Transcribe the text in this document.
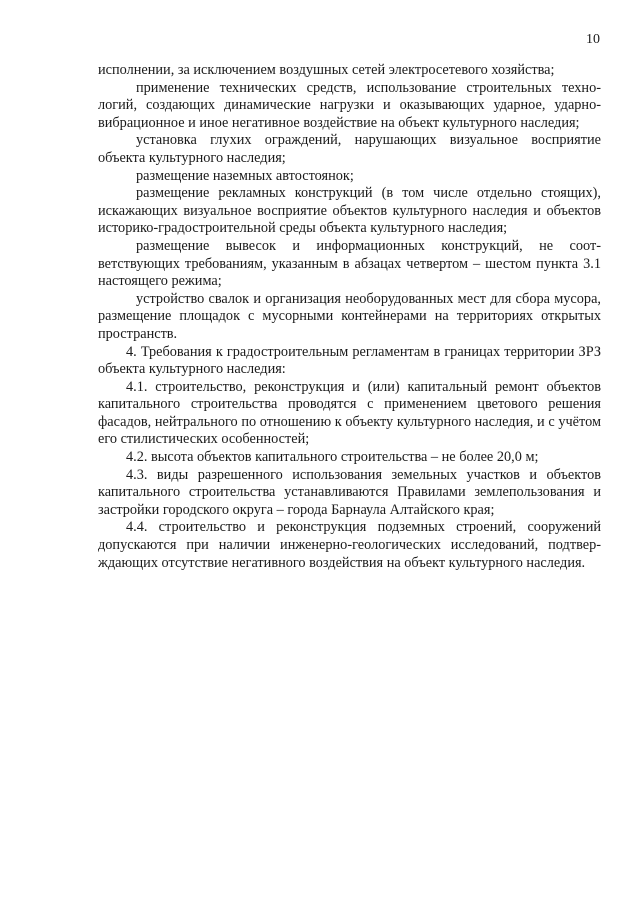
10

исполнении, за исключением воздушных сетей электросетевого хозяйства;

применение технических средств, использование строительных техно-логий, создающих динамические нагрузки и оказывающих ударное, ударно-вибрационное и иное негативное воздействие на объект культурного наследия;

установка глухих ограждений, нарушающих визуальное восприятие объекта культурного наследия;

размещение наземных автостоянок;

размещение рекламных конструкций (в том числе отдельно стоящих), искажающих визуальное восприятие объектов культурного наследия и объектов историко-градостроительной среды объекта культурного наследия;

размещение вывесок и информационных конструкций, не соот-ветствующих требованиям, указанным в абзацах четвертом – шестом пункта 3.1 настоящего режима;

устройство свалок и организация необорудованных мест для сбора мусора, размещение площадок с мусорными контейнерами на территориях открытых пространств.

4. Требования к градостроительным регламентам в границах территории ЗРЗ объекта культурного наследия:

4.1. строительство, реконструкция и (или) капитальный ремонт объектов капитального строительства проводятся с применением цветового решения фасадов, нейтрального по отношению к объекту культурного наследия, и с учётом его стилистических особенностей;

4.2. высота объектов капитального строительства – не более 20,0 м;

4.3. виды разрешенного использования земельных участков и объектов капитального строительства устанавливаются Правилами землепользования и застройки городского округа – города Барнаула Алтайского края;

4.4. строительство и реконструкция подземных строений, сооружений допускаются при наличии инженерно-геологических исследований, подтвер-ждающих отсутствие негативного воздействия на объект культурного наследия.
